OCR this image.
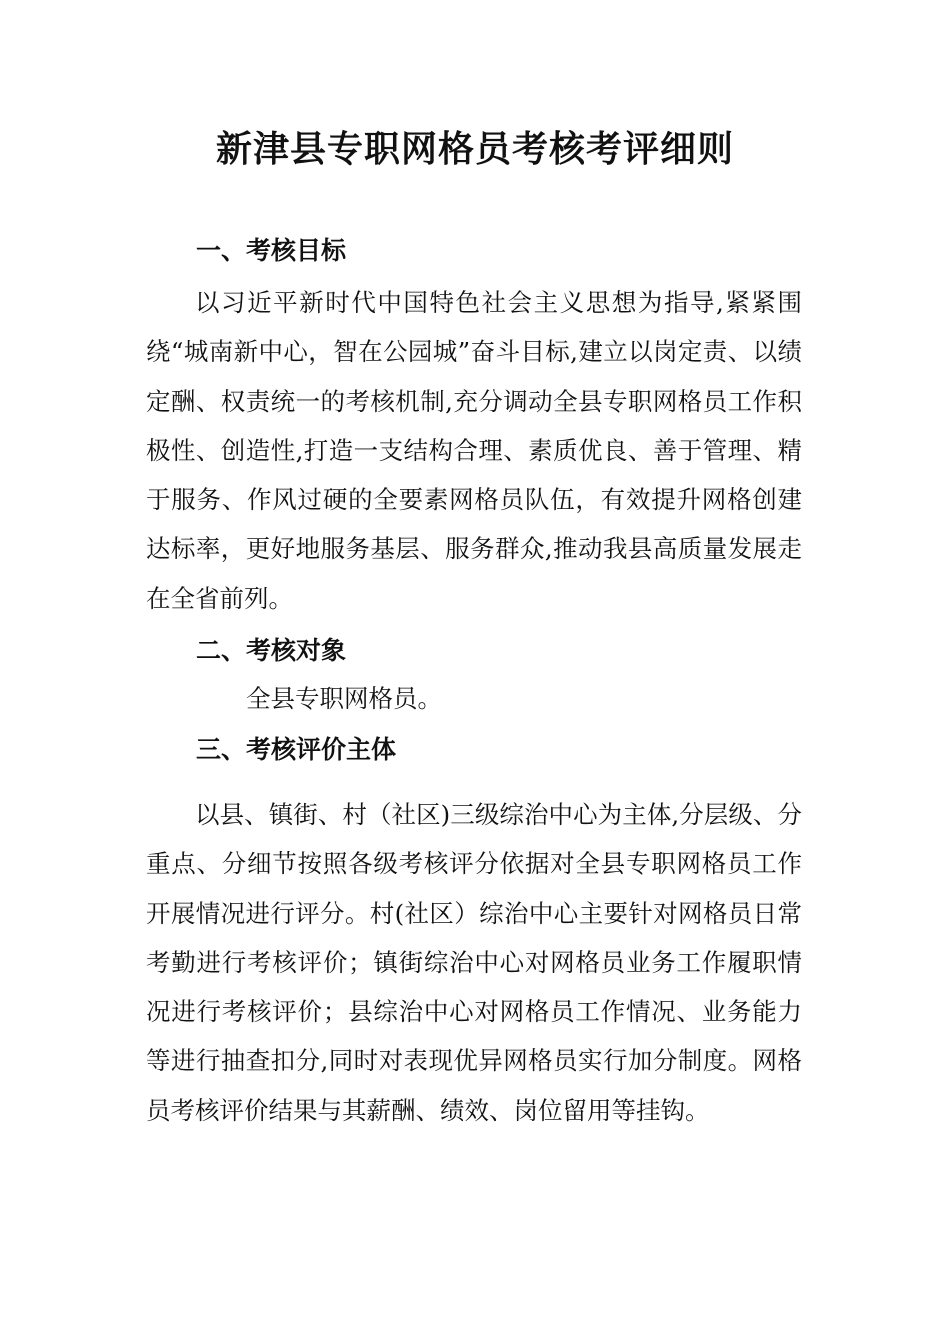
新津县专职网格员考核考评细则
一、考核目标

以习近平新时代中国特色社会主义思想为指导,紧紧围绕“城南新中心，智在公园城”奋斗目标,建立以岗定责、以绩定酬、权责统一的考核机制,充分调动全县专职网格员工作积极性、创造性,打造一支结构合理、素质优良、善于管理、精于服务、作风过硬的全要素网格员队伍，有效提升网格创建达标率，更好地服务基层、服务群众,推动我县高质量发展走在全省前列。

二、考核对象
全县专职网格员。
三、考核评价主体

以县、镇街、村（社区)三级综治中心为主体,分层级、分重点、分细节按照各级考核评分依据对全县专职网格员工作开展情况进行评分。村(社区）综治中心主要针对网格员日常考勤进行考核评价；镇街综治中心对网格员业务工作履职情况进行考核评价；县综治中心对网格员工作情况、业务能力等进行抽查扣分,同时对表现优异网格员实行加分制度。网格员考核评价结果与其薪酬、绩效、岗位留用等挂钩。
